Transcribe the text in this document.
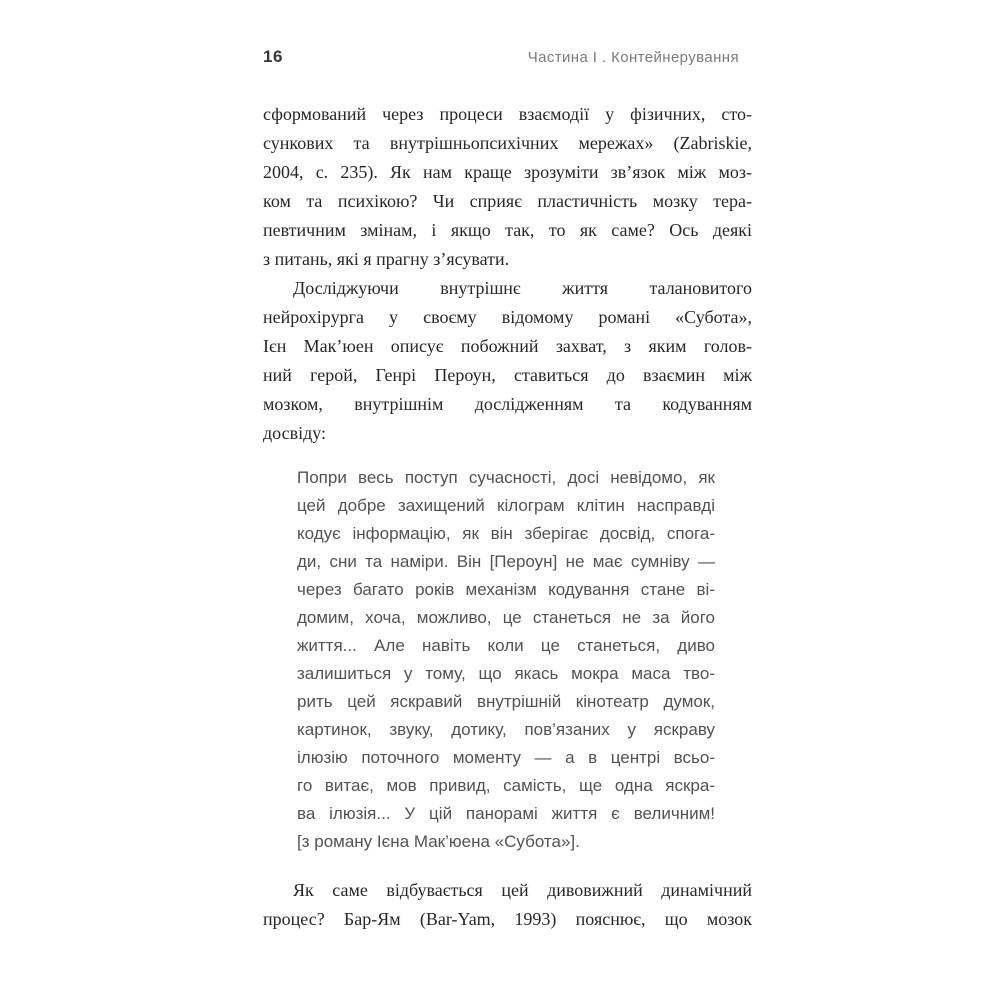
16	Частина І . Контейнерування
сформований через процеси взаємодії у фізичних, сто-
сункових та внутрішньопсихічних мережах» (Zabriskie,
2004, с. 235). Як нам краще зрозуміти зв’язок між моз-
ком та психікою? Чи сприяє пластичність мозку тера-
певтичним змінам, і якщо так, то як саме? Ось деякі
з питань, які я прагну з’ясувати.
Досліджуючи внутрішнє життя талановитого
нейрохірурга у своєму відомому романі «Субота»,
Ієн Мак’юен описує побожний захват, з яким голов-
ний герой, Генрі Пероун, ставиться до взаємин між
мозком, внутрішнім дослідженням та кодуванням
досвіду:
Попри весь поступ сучасності, досі невідомо, як
цей добре захищений кілограм клітин насправді
кодує інформацію, як він зберігає досвід, спога-
ди, сни та наміри. Він [Пероун] не має сумніву —
через багато років механізм кодування стане ві-
домим, хоча, можливо, це станеться не за його
життя... Але навіть коли це станеться, диво
залишиться у тому, що якась мокра маса тво-
рить цей яскравий внутрішній кінотеатр думок,
картинок, звуку, дотику, пов’язаних у яскраву
ілюзію поточного моменту — а в центрі всьо-
го витає, мов привид, самість, ще одна яскра-
ва ілюзія... У цій панорамі життя є величним!
[з роману Ієна Мак’юена «Субота»].
Як саме відбувається цей дивовижний динамічний
процес? Бар-Ям (Bar-Yam, 1993) пояснює, що мозок
